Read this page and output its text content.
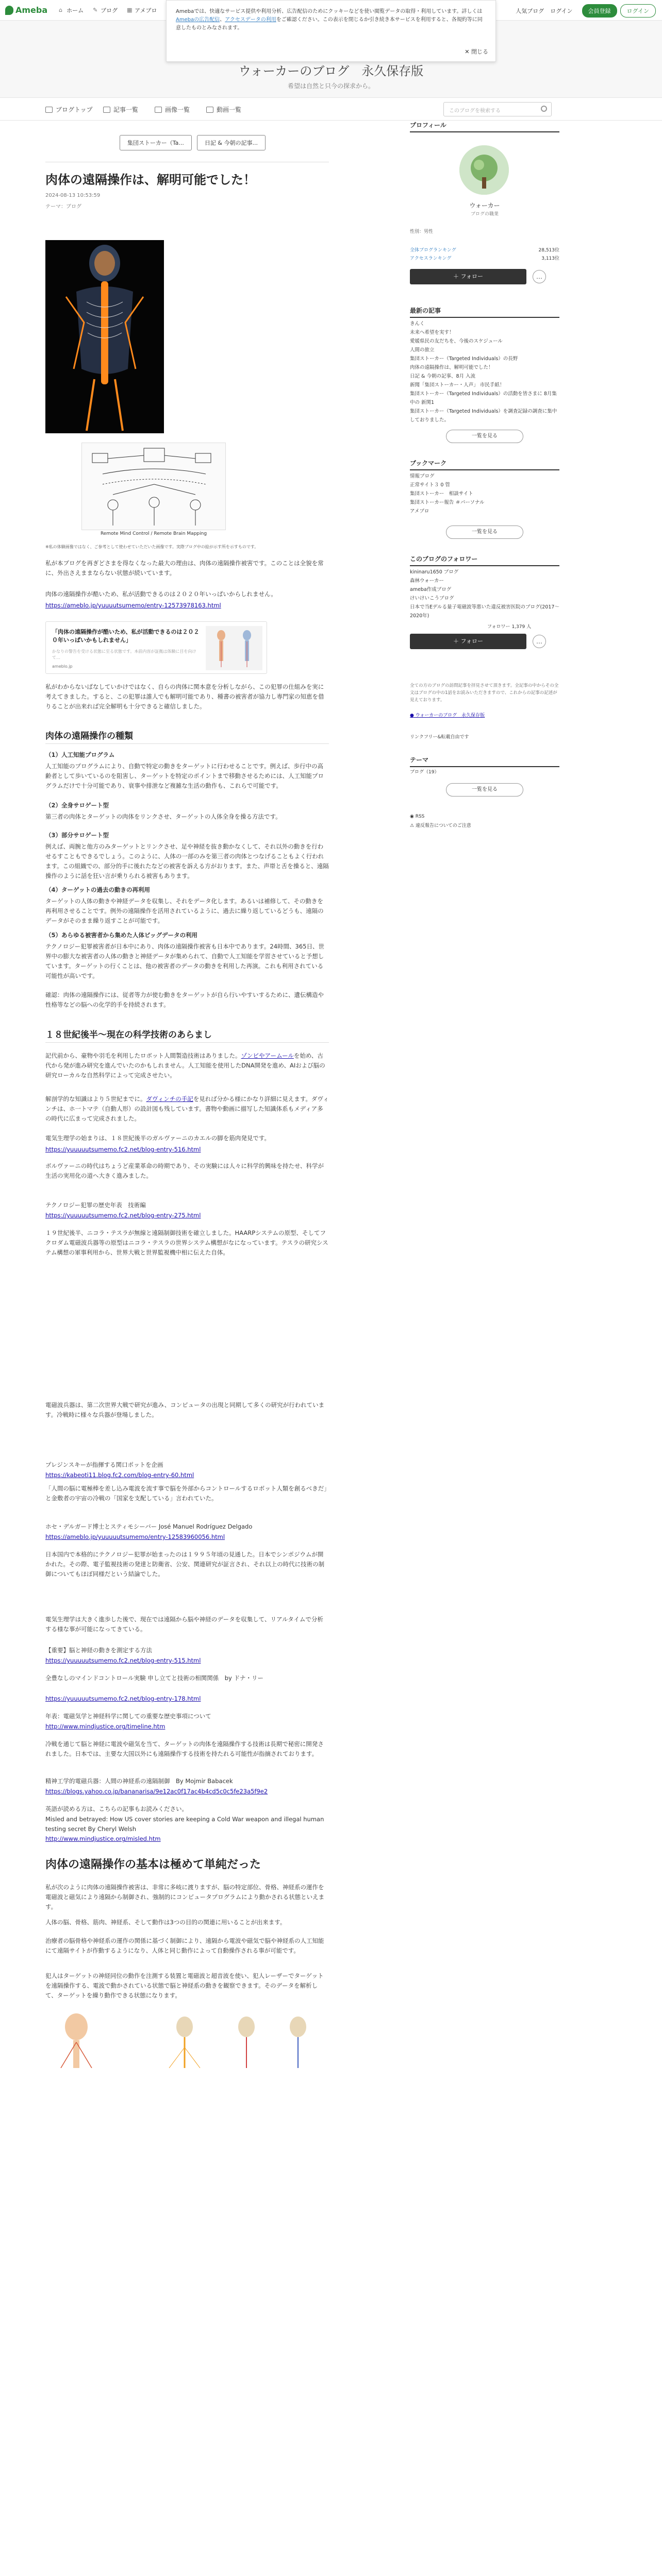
Ameba ⌂ ホーム ✎ ブログ ▦ アメブロ	人気ブログ ログイン	会員登録	ログイン
ウォーカーのブログ　永久保存版
希望は自然と只今の探求から。
Amebaでは、快適なサービス提供や利用分析、広告配信のためにクッキーなどを使い閲覧データの取得・利用しています。詳しくはAmebaの広告配信、アクセスデータの利用をご確認ください。この表示を閉じるか引き続き本サービスを利用すると、各規約等に同意したものとみなされます。
✕ 閉じる
ブログトップ	記事一覧	画像一覧	動画一覧	このブログを検索する
集団ストーカー（Ta...	日記 & 今朝の記事...
肉体の遠隔操作は、解明可能でした！
2024-08-13 10:53:59
テーマ：ブログ
Remote Mind Control / Remote Brain Mapping
※私の体験画像ではなく、ご参考として使わせていただいた画像です。実際ブログ中の絵が示す所を示すものです。
私が本ブログを再ぎどさまを得なくなった最大の理由は、肉体の遠隔操作被害です。このことは全貌を常に、外出さえままならない状態が続いています。
肉体の遠隔操作が酷いため、私が活動できるのは２０２０年いっぱいからしれません。
https://ameblo.jp/yuuuutsumemo/entry-12573978163.html
「肉体の遠隔操作が酷いため、私が活動できるのは２０２０年いっぱいかもしれません」
かなりの警告を受ける状態に至る状態です。本前内容が証拠は体験に目を向けて…
ameblo.jp
私がわからないばなしていかけではなく、自らの肉体に関本意を分析しながら、この犯罪の仕組みを実に考えてきました。すると、この犯罪は誰人でも解明可能であり、種書の被害者が協力し専門家の知恵を借りることが出来れば完全解明も十分できると確信しました。
肉体の遠隔操作の種類
（1）人工知能プログラム
人工知能のプログラムにより、自動で特定の動きをターゲットに行わせることです。例えば、歩行中の高齢者として歩いているのを阻害し、ターゲットを特定のポイントまで移動させるためには、人工知能プログラムだけで十分可能であり、衰事や排泄など複雑な生活の動作も、これらで可能です。
（2）全身サロゲート型
第三者の肉体とターゲットの肉体をリンクさせ、ターゲットの人体全身を操る方法です。
（3）部分サロゲート型
例えば、両腕と他方のみターゲットとリンクさせ、足や神経を抜き動かなくして、それ以外の動きを行わせるすこともできるでしょう。このように、人体の一部のみを第三者の肉体とつなげることもよく行われます。この組織での、部分的手に後れたなどの被害を訴える方がおります。また、声帯と舌を操ると、遠隔操作のように話を狂い言が乗りられる被害もあります。
（4）ターゲットの過去の動きの再利用
ターゲットの人体の動きや神経データを収集し、それをデータ化します。あるいは補修して、その動きを再利用させることです。例外の遠隔操作を活用されているように、過去に繰り返しているどうも、遠隔のデータがそのまま繰り返すことが可能です。
（5）あらゆる被害者から集めた人体ビッグデータの利用
テクノロジー犯罪被害者が日本中にあり、肉体の遠隔操作被害も日本中であります。24時間、365日、世界中の膨大な被害者の人体の動きと神経データが集められて、自動で人工知能を学習させていると予想しています。ターゲットの行くことは、他の被害者のデータの動きを利用した再演。これも利用されている可能性が高いです。
確認：肉体の遠隔操作には、従者等力が使む動きをターゲットが自ら行いやすいするために、遺伝構造や性格等などの脳への化学的手を持続されます。
１８世紀後半〜現在の科学技術のあらまし
記代前から、豪物や羽毛を利用したロボット人間製造技術はありました。ゾンビやアームールを始め、古代から発が進み研究を進んでいたのかもしれません。人工知能を使用したDNA開発を進め、AIおよび脳の研究ローカルな自然科学によって完成させたい。
解剖学的な知識はより５世紀までに。ダヴィンチの手記を見れば分かる様にかなり詳細に見えます。ダヴィンチは、ホ一トマテ（自動人形）の設計図も残しています。書物や動画に描写した知識体系もメディア多の時代に広まって完成されました。
電気生理学の始まりは、１８世紀後半のガルヴァーニのカエルの脚を筋肉発見です。
https://yuuuuutsumemo.fc2.net/blog-entry-516.html
ボルヴァーニの時代はちょうど産業革命の時期であり、その実験には人々に科学的興味を持たせ、科学が生活の実用化の道へ大きく進みました。
テクノロジー犯罪の歴史年表　技術編
https://yuuuuutsumemo.fc2.net/blog-entry-275.html
１９世紀後半、ニコラ・テスラが無線と遠隔制御技術を確立しました。HAARPシステムの原型、そしてフクロダム電磁波兵器等の原型はニコラ・テスラの世界システム構想がなになっています。テスラの研究システム構想の軍事利用から、世界大戦と世界監視機中相に伝えた自体。
電磁波兵器は、第二次世界大戦で研究が進み、コンピュータの出現と同期して多くの研究が行われています。冷戦時に様々な兵器が登場しました。
プレジンスキーが指揮する関口ポットを企画
https://kabeoti11.blog.fc2.com/blog-entry-60.html
「人間の脳に電極棒を差し込み電波を流す事で脳を外部からコントロールするロボット人類を創るべきだ」と金敷者の宇宙の冷戦の「国家を支配している」言われていた。
ホセ・デルガード博士とスティモシーバー José Manuel Rodríguez Delgado
https://ameblo.jp/yuuuuutsumemo/entry-12583960056.html
日本国内で本格的にテクノロジー犯罪が始まったのは１９９５年頃の見通した。日本でシンポジウムが開かれた。その際、電子監視技術の発達と防衛省、公安、関連研究が証言され、それ以上の時代に技術の制御についてもほぼ同様だという結論でした。
電気生理学は大きく進歩した後で、現在では遠隔から脳や神経のデータを収集して、リアルタイムで分析する様な事が可能になってきている。
【重要】脳と神経の動きを測定する方法
https://yuuuuutsumemo.fc2.net/blog-entry-515.html
全豊なしのマインドコントロール実験 申し立てと技術の相関関係　by ドナ・リー
https://yuuuuutsumemo.fc2.net/blog-entry-178.html
年表：電磁気学と神経科学に関しての重要な歴史事項について
http://www.mindjustice.org/timeline.htm
冷戦を通じて脳と神経に電波や磁気を当て、ターゲットの肉体を遠隔操作する技術は長期で秘密に開発されました。日本では、主要な大国以外にも遠隔操作する技術を持たれる可能性が指摘されております。
精神工学的電磁兵器：人間の神経系の遠隔制御　By Mojmir Babacek
https://blogs.yahoo.co.jp/bananarisa/9e12ac0f17ac4b4cd5c0c5fe23a5f9e2
英語が読める方は、こちらの記事もお読みください。
Misled and betrayed: How US cover stories are keeping a Cold War weapon and illegal human testing secret By Cheryl Welsh
http://www.mindjustice.org/misled.htm
肉体の遠隔操作の基本は極めて単純だった
私が次のように肉体の遠隔操作被害は、非常に多岐に渡りますが、脳の特定部位、骨格、神経系の運作を電磁波と磁気により遠隔から制御され、強制的にコンピュータプログラムにより動かされる状態といえます。
人体の脳、骨格、筋肉、神経系、そして動作は3つの目的の関連に用いることが出来ます。
治療者の脳骨格や神経系の運作の関係に基づく制御により、遠隔から電波や磁気で脳や神経系の人工知能にて遠隔サイトが作動するようになり、人体と同じ動作によって自動操作される事が可能です。
犯人はターゲットの神経同位の動作を注測する装置と電磁波と超音波を使い、犯人レーザーでターゲットを遠隔操作する、電波で動かされている状態で脳と神経系の動きを観察できます。そのデータを解析して、ターゲットを繰り動作できる状態になります。
プロフィール
ウォーカー
ブログの職業
性別：男性
全体ブログランキング	28,513位
アクセスランキング	3,113位
＋ フォロー	…
最新の記事
きんく
未来へ希望を実す！
愛媛県民の友だちを、今後のスケジュール
人間の旅立
集団ストーカー（Targeted Individuals）の長野
肉体の遠隔操作は、解明可能でした！
日記 & 今朝の記事、8月 入流
新聞「集団ストーカー・人声」 市民手紙！
集団ストーカー（Targeted Individuals）の活動を皆さまに 8月集中の 新関1
集団ストーカー（Targeted Individuals）を調査記録の調査に集中しておりました。
一覧を見る
ブックマーク
情報ブログ
正常サイト３ 0 管
集団ストーカー　相談サイト
集団ストーカー報告 ＃パーソナル
アメブロ
一覧を見る
このブログのフォロワー
kininaru1650 ブログ
森林ウォーカー
ameba作成ブログ
けいけいこうブログ
日本で当Eデルる量子電磁波等悪いた違反被害医院のブログ(2017〜2020年)
フォロワー 1,379 人
＋ フォロー	…
全ての方のブログの訪問記事を拝見させて頂きます。全記事の中からその全文はブログの中の1話をお読みいただきますので、これからの記事の記述が見えております。
● ウォーカーのブログ　永久保存版
リンクフリー&転載自由です
テーマ
ブログ（19）
一覧を見る
◉ RSS
⚠ 違反報告についてのご注意
